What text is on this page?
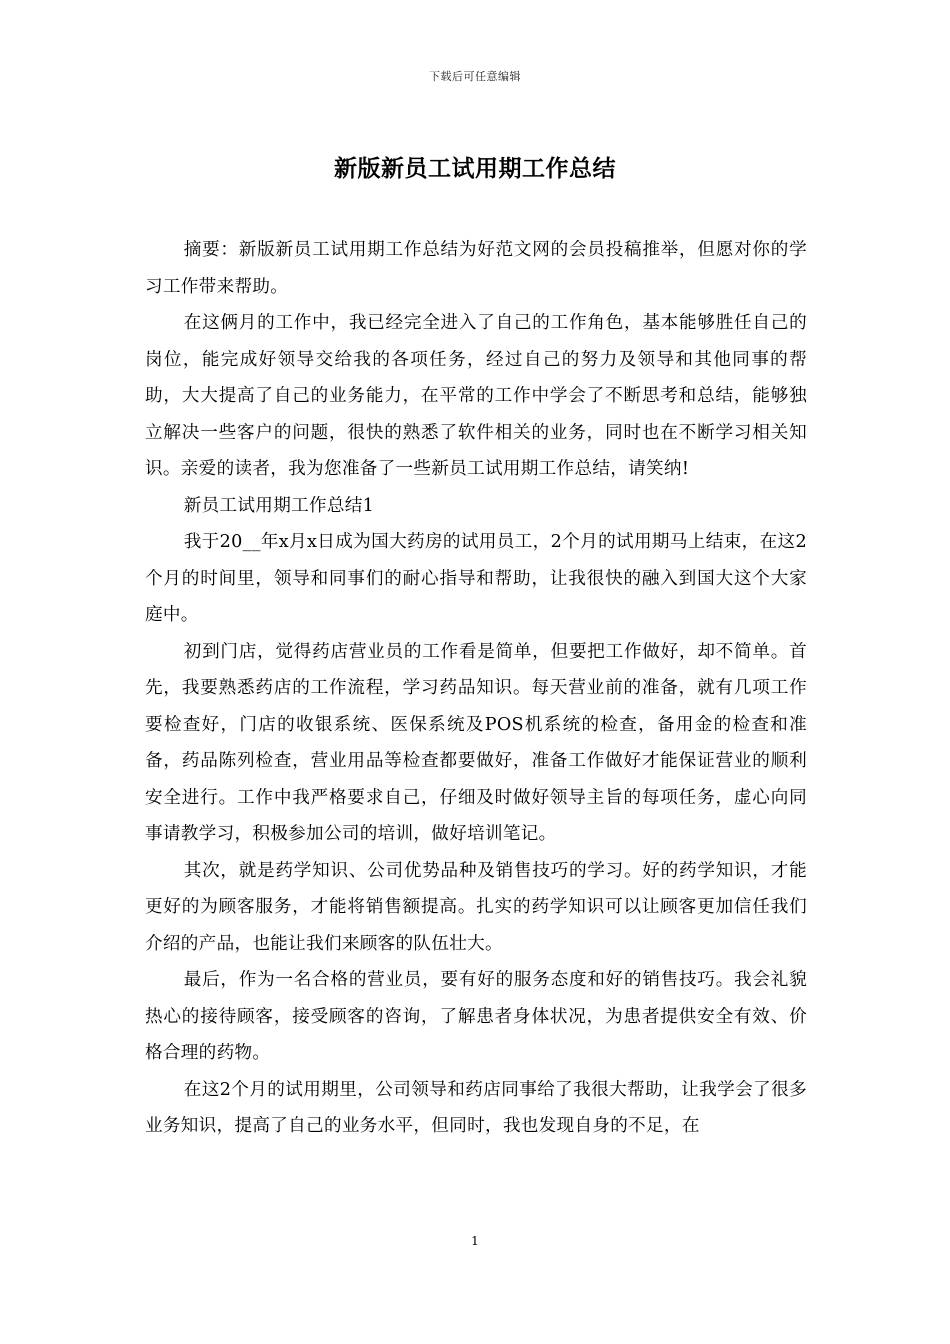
下载后可任意编辑
新版新员工试用期工作总结

摘要：新版新员工试用期工作总结为好范文网的会员投稿推举，但愿对你的学习工作带来帮助。

在这俩月的工作中，我已经完全进入了自己的工作角色，基本能够胜任自己的岗位，能完成好领导交给我的各项任务，经过自己的努力及领导和其他同事的帮助，大大提高了自己的业务能力，在平常的工作中学会了不断思考和总结，能够独立解决一些客户的问题，很快的熟悉了软件相关的业务，同时也在不断学习相关知识。亲爱的读者，我为您准备了一些新员工试用期工作总结，请笑纳!

新员工试用期工作总结1

我于20__年x月x日成为国大药房的试用员工，2个月的试用期马上结束，在这2个月的时间里，领导和同事们的耐心指导和帮助，让我很快的融入到国大这个大家庭中。

初到门店，觉得药店营业员的工作看是简单，但要把工作做好，却不简单。首先，我要熟悉药店的工作流程，学习药品知识。每天营业前的准备，就有几项工作要检查好，门店的收银系统、医保系统及POS机系统的检查，备用金的检查和准备，药品陈列检查，营业用品等检查都要做好，准备工作做好才能保证营业的顺利安全进行。工作中我严格要求自己，仔细及时做好领导主旨的每项任务，虚心向同事请教学习，积极参加公司的培训，做好培训笔记。

其次，就是药学知识、公司优势品种及销售技巧的学习。好的药学知识，才能更好的为顾客服务，才能将销售额提高。扎实的药学知识可以让顾客更加信任我们介绍的产品，也能让我们来顾客的队伍壮大。

最后，作为一名合格的营业员，要有好的服务态度和好的销售技巧。我会礼貌热心的接待顾客，接受顾客的咨询，了解患者身体状况，为患者提供安全有效、价格合理的药物。

在这2个月的试用期里，公司领导和药店同事给了我很大帮助，让我学会了很多业务知识，提高了自己的业务水平，但同时，我也发现自身的不足，在

1
